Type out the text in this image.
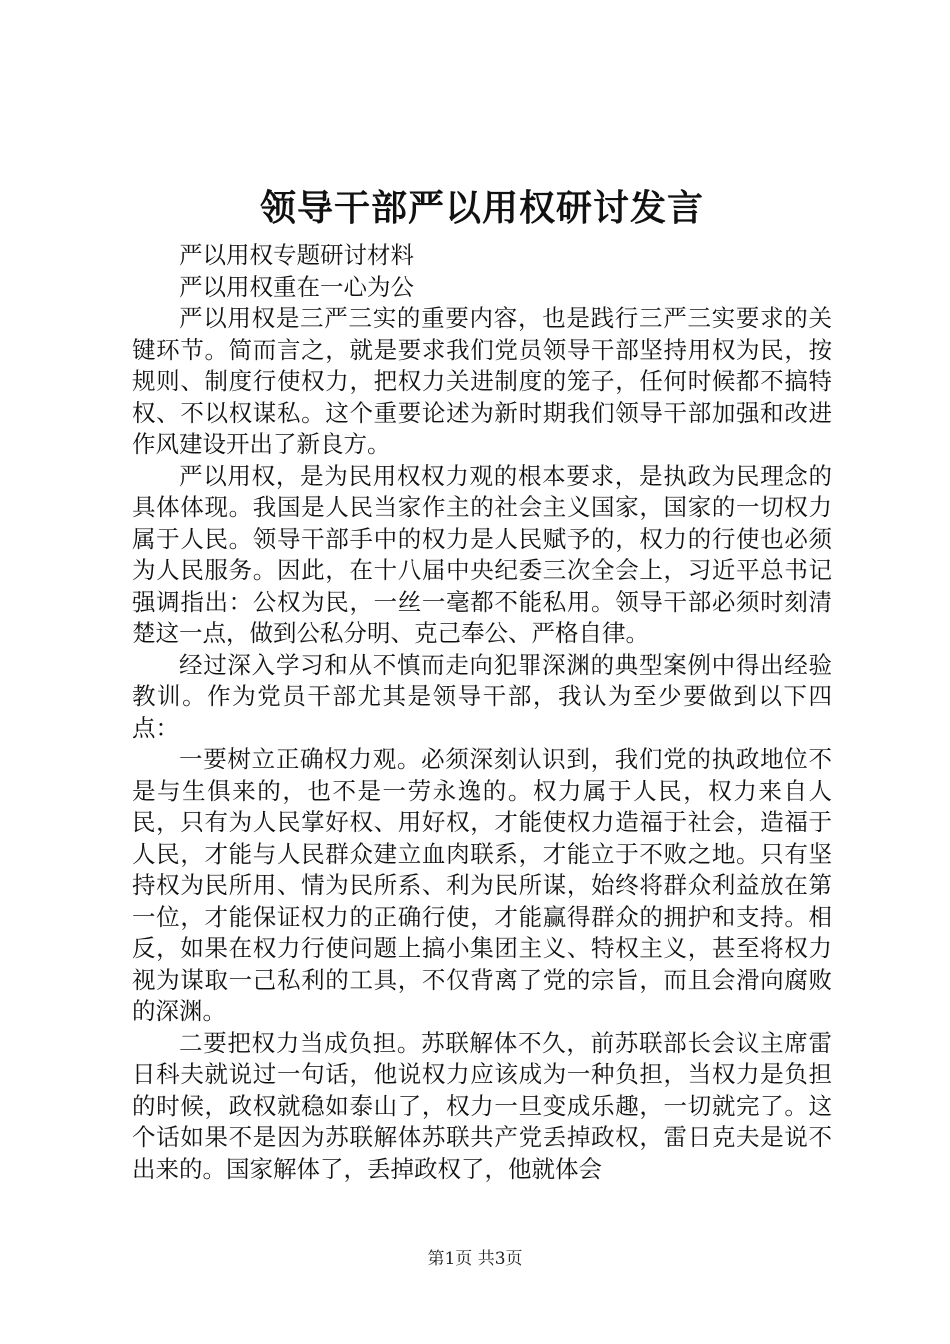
领导干部严以用权研讨发言

严以用权专题研讨材料

严以用权重在一心为公

严以用权是三严三实的重要内容，也是践行三严三实要求的关键环节。简而言之，就是要求我们党员领导干部坚持用权为民，按规则、制度行使权力，把权力关进制度的笼子，任何时候都不搞特权、不以权谋私。这个重要论述为新时期我们领导干部加强和改进作风建设开出了新良方。

严以用权，是为民用权权力观的根本要求，是执政为民理念的具体体现。我国是人民当家作主的社会主义国家，国家的一切权力属于人民。领导干部手中的权力是人民赋予的，权力的行使也必须为人民服务。因此，在十八届中央纪委三次全会上，习近平总书记强调指出：公权为民，一丝一毫都不能私用。领导干部必须时刻清楚这一点，做到公私分明、克己奉公、严格自律。

经过深入学习和从不慎而走向犯罪深渊的典型案例中得出经验教训。作为党员干部尤其是领导干部，我认为至少要做到以下四点：

一要树立正确权力观。必须深刻认识到，我们党的执政地位不是与生俱来的，也不是一劳永逸的。权力属于人民，权力来自人民，只有为人民掌好权、用好权，才能使权力造福于社会，造福于人民，才能与人民群众建立血肉联系，才能立于不败之地。只有坚持权为民所用、情为民所系、利为民所谋，始终将群众利益放在第一位，才能保证权力的正确行使，才能赢得群众的拥护和支持。相反，如果在权力行使问题上搞小集团主义、特权主义，甚至将权力视为谋取一己私利的工具，不仅背离了党的宗旨，而且会滑向腐败的深渊。

二要把权力当成负担。苏联解体不久，前苏联部长会议主席雷日科夫就说过一句话，他说权力应该成为一种负担，当权力是负担的时候，政权就稳如泰山了，权力一旦变成乐趣，一切就完了。这个话如果不是因为苏联解体苏联共产党丢掉政权，雷日克夫是说不出来的。国家解体了，丢掉政权了，他就体会

第1页 共3页
